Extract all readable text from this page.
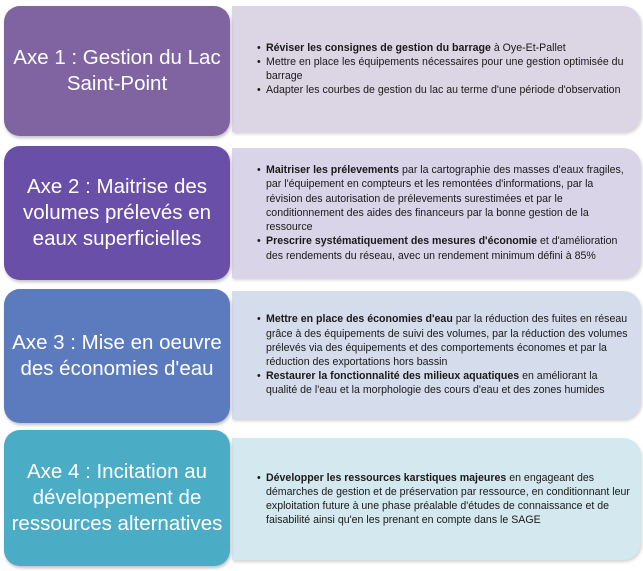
Axe 1 : Gestion du Lac Saint-Point
• Réviser les consignes de gestion du barrage à Oye-Et-Pallet
• Mettre en place les équipements nécessaires pour une gestion optimisée du barrage
• Adapter les courbes de gestion du lac au terme d'une période d'observation
Axe 2 : Maitrise des volumes prélevés en eaux superficielles
• Maitriser les prélevements par la cartographie des masses d'eaux fragiles, par l'équipement en compteurs et les remontées d'informations, par la révision des autorisation de prélevements surestimées et par le conditionnement des aides des financeurs par la bonne gestion de la ressource
• Prescrire systématiquement des mesures d'économie et d'amélioration des rendements du réseau, avec un rendement minimum défini à 85%
Axe 3 : Mise en oeuvre des économies d'eau
• Mettre en place des économies d'eau par la réduction des fuites en réseau grâce à des équipements de suivi des volumes, par la réduction des volumes prélevés via des équipements et des comportements économes et par la réduction des exportations hors bassin
• Restaurer la fonctionnalité des milieux aquatiques en améliorant la qualité de l'eau et la morphologie des cours d'eau et des zones humides
Axe 4 : Incitation au développement de ressources alternatives
• Développer les ressources karstiques majeures en engageant des démarches de gestion et de préservation par ressource, en conditionnant leur exploitation future à une phase préalable d'études de connaissance et de faisabilité ainsi qu'en les prenant en compte dans le SAGE
